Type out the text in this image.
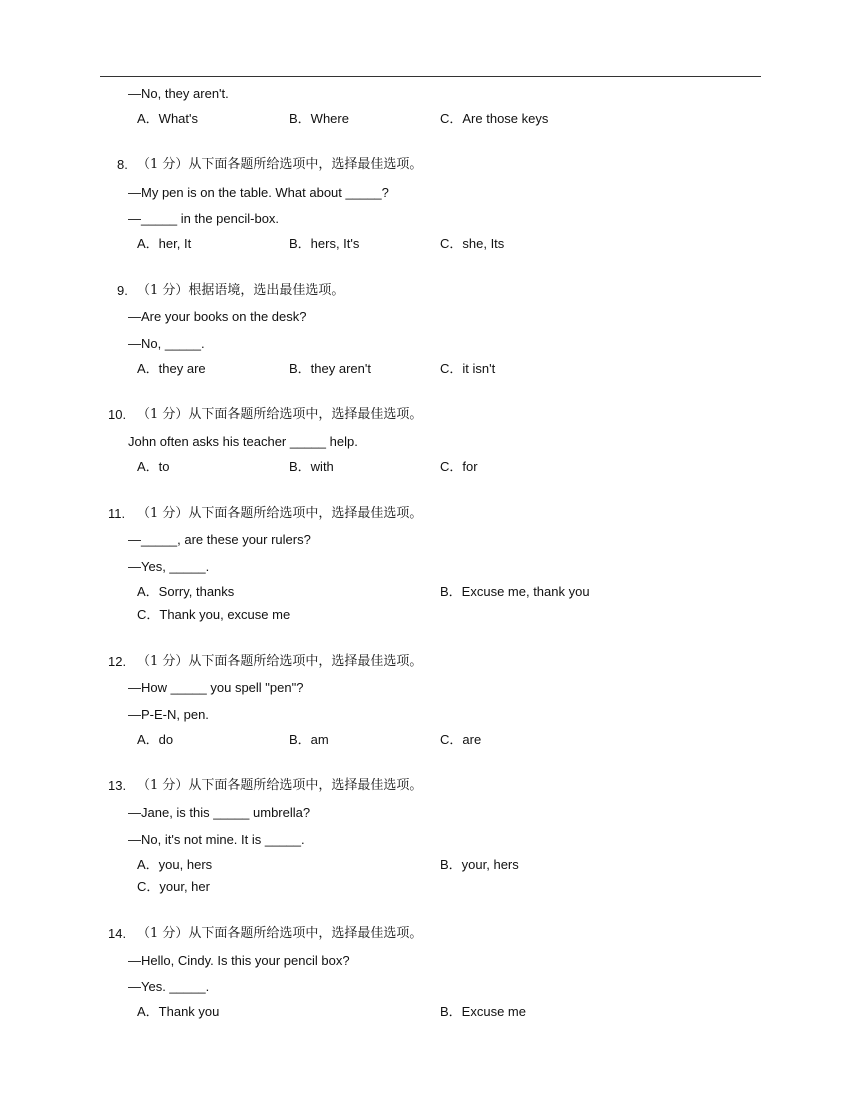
—No, they aren't.
A．What's	B．Where	C．Are those keys
8. （1 分）从下面各题所给选项中，选择最佳选项。
—My pen is on the table. What about _____?
—_____ in the pencil-box.
A．her, It	B．hers, It's	C．she, Its
9. （1 分）根据语境，选出最佳选项。
—Are your books on the desk?
—No, _____.
A．they are	B．they aren't	C．it isn't
10. （1 分）从下面各题所给选项中，选择最佳选项。
John often asks his teacher _____ help.
A．to	B．with	C．for
11. （1 分）从下面各题所给选项中，选择最佳选项。
—_____, are these your rulers?
—Yes, _____.
A．Sorry, thanks	B．Excuse me, thank you
C．Thank you, excuse me
12. （1 分）从下面各题所给选项中，选择最佳选项。
—How _____ you spell "pen"?
—P-E-N, pen.
A．do	B．am	C．are
13. （1 分）从下面各题所给选项中，选择最佳选项。
—Jane, is this _____ umbrella?
—No, it's not mine. It is _____.
A．you, hers	B．your, hers
C．your, her
14. （1 分）从下面各题所给选项中，选择最佳选项。
—Hello, Cindy. Is this your pencil box?
—Yes. _____.
A．Thank you	B．Excuse me
